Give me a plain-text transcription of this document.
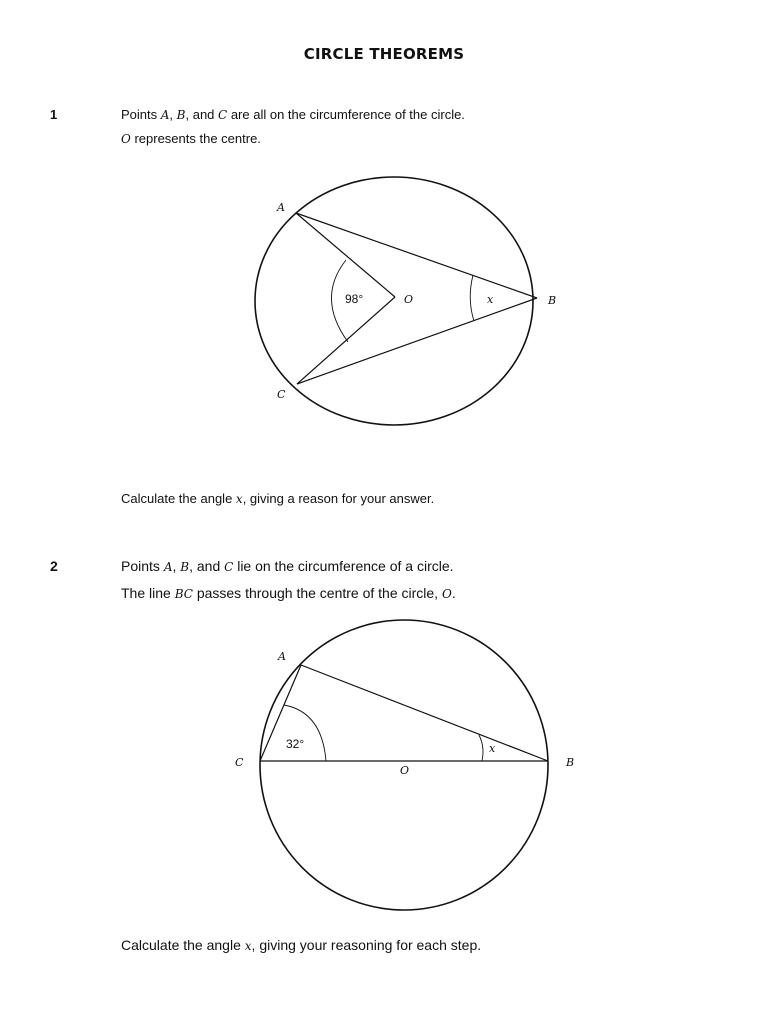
CIRCLE THEOREMS
1	Points A, B, and C are all on the circumference of the circle.
O represents the centre.
A
B
C
O
98°	x
Calculate the angle x, giving a reason for your answer.
2	Points A, B, and C lie on the circumference of a circle.
The line BC passes through the centre of the circle, O.
A
B
C
O
32°	x
Calculate the angle x, giving your reasoning for each step.
